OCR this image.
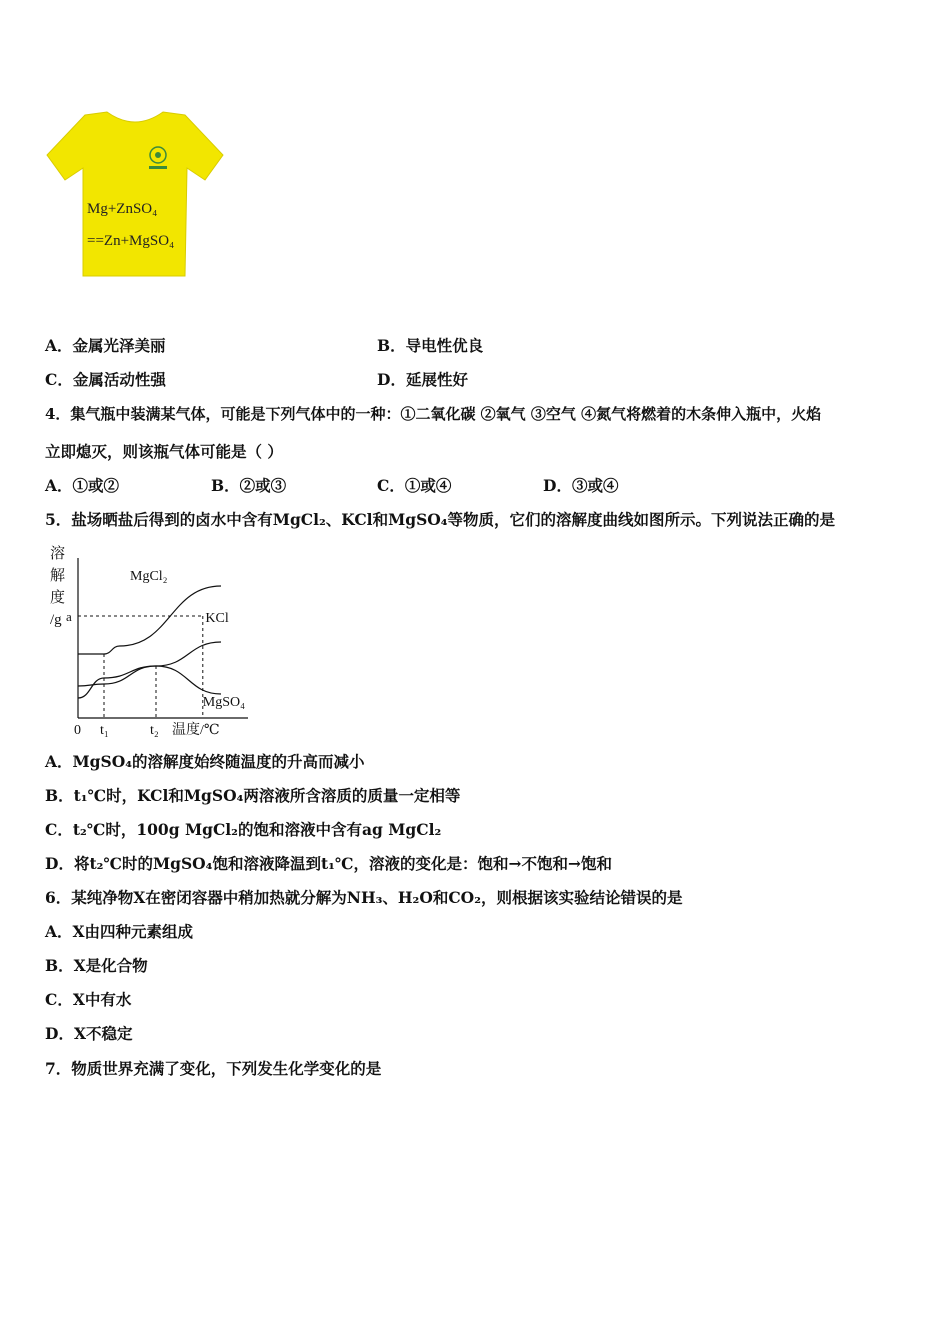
Mg+ZnSO₄
==Zn+MgSO₄
A．金属光泽美丽	B．导电性优良
C．金属活动性强	D．延展性好
4．集气瓶中装满某气体，可能是下列气体中的一种：①二氧化碳 ②氧气 ③空气 ④氮气将燃着的木条伸入瓶中，火焰
立即熄灭，则该瓶气体可能是（ ）
A．①或②	B．②或③	C．①或④	D．③或④
5．盐场晒盐后得到的卤水中含有MgCl₂、KCl和MgSO₄等物质，它们的溶解度曲线如图所示。下列说法正确的是
溶
解
度
/g
0 t₁	t₂ 温度/℃
a
MgCl₂
KCl
MgSO₄
A．MgSO₄的溶解度始终随温度的升高而减小
B．t₁℃时，KCl和MgSO₄两溶液所含溶质的质量一定相等
C．t₂℃时，100g MgCl₂的饱和溶液中含有ag MgCl₂
D．将t₂℃时的MgSO₄饱和溶液降温到t₁℃，溶液的变化是：饱和→不饱和→饱和
6．某纯净物X在密闭容器中稍加热就分解为NH₃、H₂O和CO₂，则根据该实验结论错误的是
A．X由四种元素组成
B．X是化合物
C．X中有水
D．X不稳定
7．物质世界充满了变化，下列发生化学变化的是
